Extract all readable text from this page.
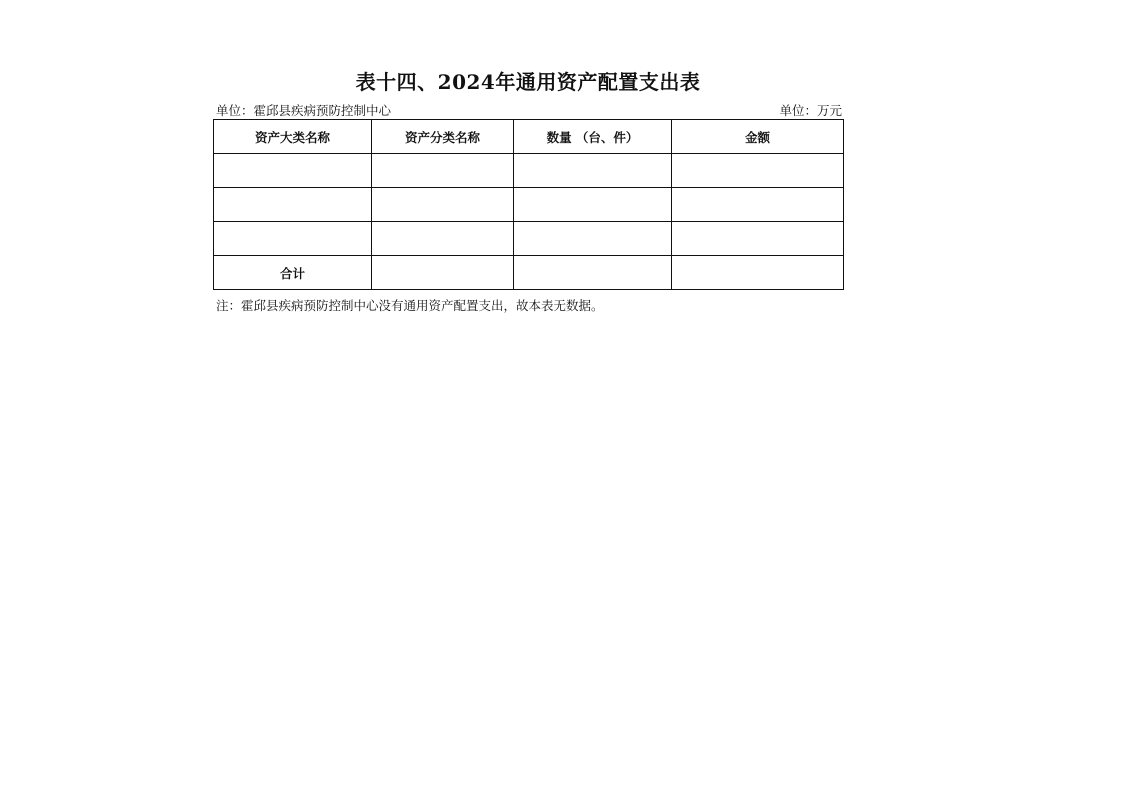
表十四、2024年通用资产配置支出表
单位：霍邱县疾病预防控制中心	单位：万元
资产大类名称	资产分类名称	数量 （台、件）	金额

合计			
注：霍邱县疾病预防控制中心没有通用资产配置支出，故本表无数据。
